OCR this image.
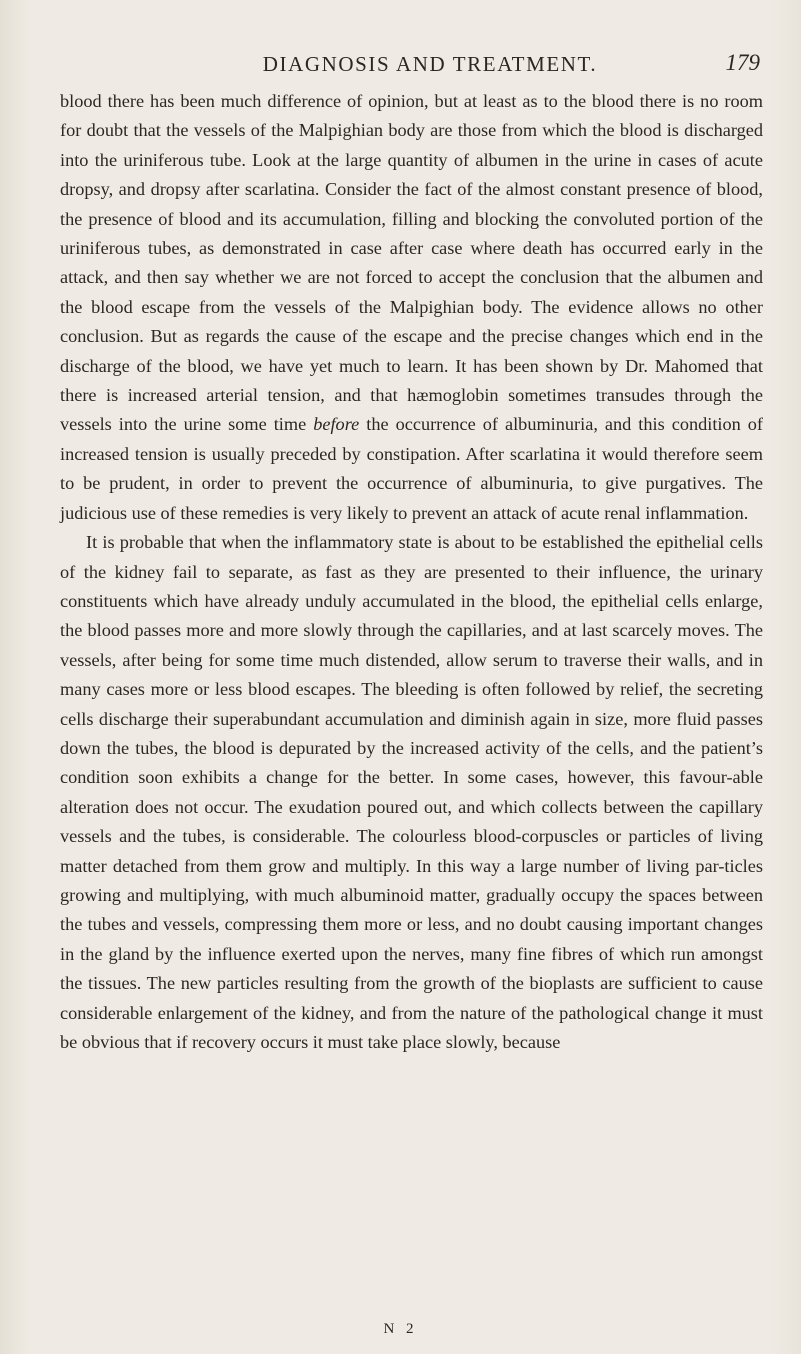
DIAGNOSIS AND TREATMENT.	179

blood there has been much difference of opinion, but at least as to the blood there is no room for doubt that the vessels of the Malpighian body are those from which the blood is discharged into the uriniferous tube. Look at the large quantity of albumen in the urine in cases of acute dropsy, and dropsy after scarlatina. Consider the fact of the almost constant presence of blood, the presence of blood and its accumulation, filling and blocking the convoluted portion of the uriniferous tubes, as demonstrated in case after case where death has occurred early in the attack, and then say whether we are not forced to accept the conclusion that the albumen and the blood escape from the vessels of the Malpighian body. The evidence allows no other conclusion. But as regards the cause of the escape and the precise changes which end in the discharge of the blood, we have yet much to learn. It has been shown by Dr. Mahomed that there is increased arterial tension, and that hæmoglobin sometimes transudes through the vessels into the urine some time before the occurrence of albuminuria, and this condition of increased tension is usually preceded by constipation. After scarlatina it would therefore seem to be prudent, in order to prevent the occurrence of albuminuria, to give purgatives. The judicious use of these remedies is very likely to prevent an attack of acute renal inflammation.

It is probable that when the inflammatory state is about to be established the epithelial cells of the kidney fail to separate, as fast as they are presented to their influence, the urinary constituents which have already unduly accumulated in the blood, the epithelial cells enlarge, the blood passes more and more slowly through the capillaries, and at last scarcely moves. The vessels, after being for some time much distended, allow serum to traverse their walls, and in many cases more or less blood escapes. The bleeding is often followed by relief, the secreting cells discharge their superabundant accumulation and diminish again in size, more fluid passes down the tubes, the blood is depurated by the increased activity of the cells, and the patient’s condition soon exhibits a change for the better. In some cases, however, this favour-able alteration does not occur. The exudation poured out, and which collects between the capillary vessels and the tubes, is considerable. The colourless blood-corpuscles or particles of living matter detached from them grow and multiply. In this way a large number of living par-ticles growing and multiplying, with much albuminoid matter, gradually occupy the spaces between the tubes and vessels, compressing them more or less, and no doubt causing important changes in the gland by the influence exerted upon the nerves, many fine fibres of which run amongst the tissues. The new particles resulting from the growth of the bioplasts are sufficient to cause considerable enlargement of the kidney, and from the nature of the pathological change it must be obvious that if recovery occurs it must take place slowly, because

N 2
